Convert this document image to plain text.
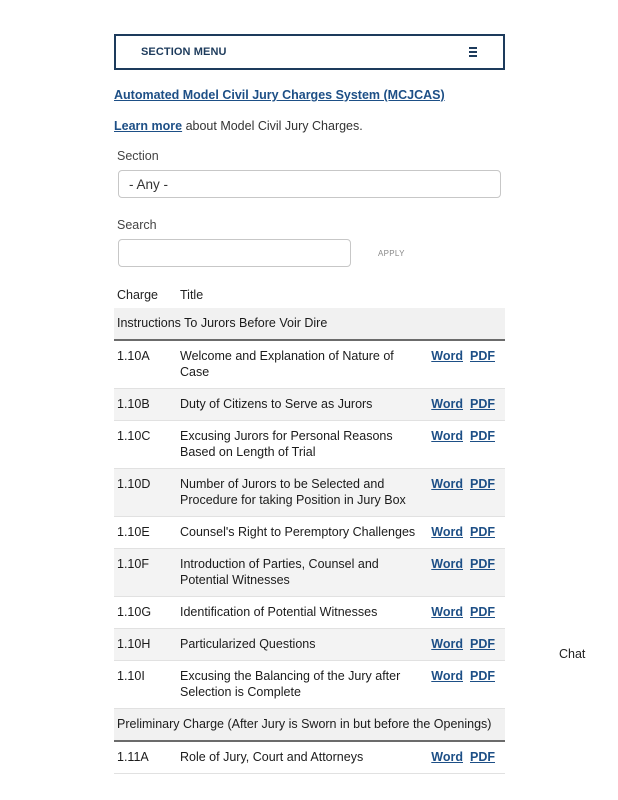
SECTION MENU
Automated Model Civil Jury Charges System (MCJCAS)
Learn more about Model Civil Jury Charges.
Section
- Any -
Search
APPLY
Charge	Title	
Instructions To Jurors Before Voir Dire		
1.10A	Welcome and Explanation of Nature of Case	Word PDF
1.10B	Duty of Citizens to Serve as Jurors	Word PDF
1.10C	Excusing Jurors for Personal Reasons Based on Length of Trial	Word PDF
1.10D	Number of Jurors to be Selected and Procedure for taking Position in Jury Box	Word PDF
1.10E	Counsel's Right to Peremptory Challenges	Word PDF
1.10F	Introduction of Parties, Counsel and Potential Witnesses	Word PDF
1.10G	Identification of Potential Witnesses	Word PDF
1.10H	Particularized Questions	Word PDF
1.10I	Excusing the Balancing of the Jury after Selection is Complete	Word PDF
Preliminary Charge (After Jury is Sworn in but before the Openings)		
1.11A	Role of Jury, Court and Attorneys	Word PDF
Chat
